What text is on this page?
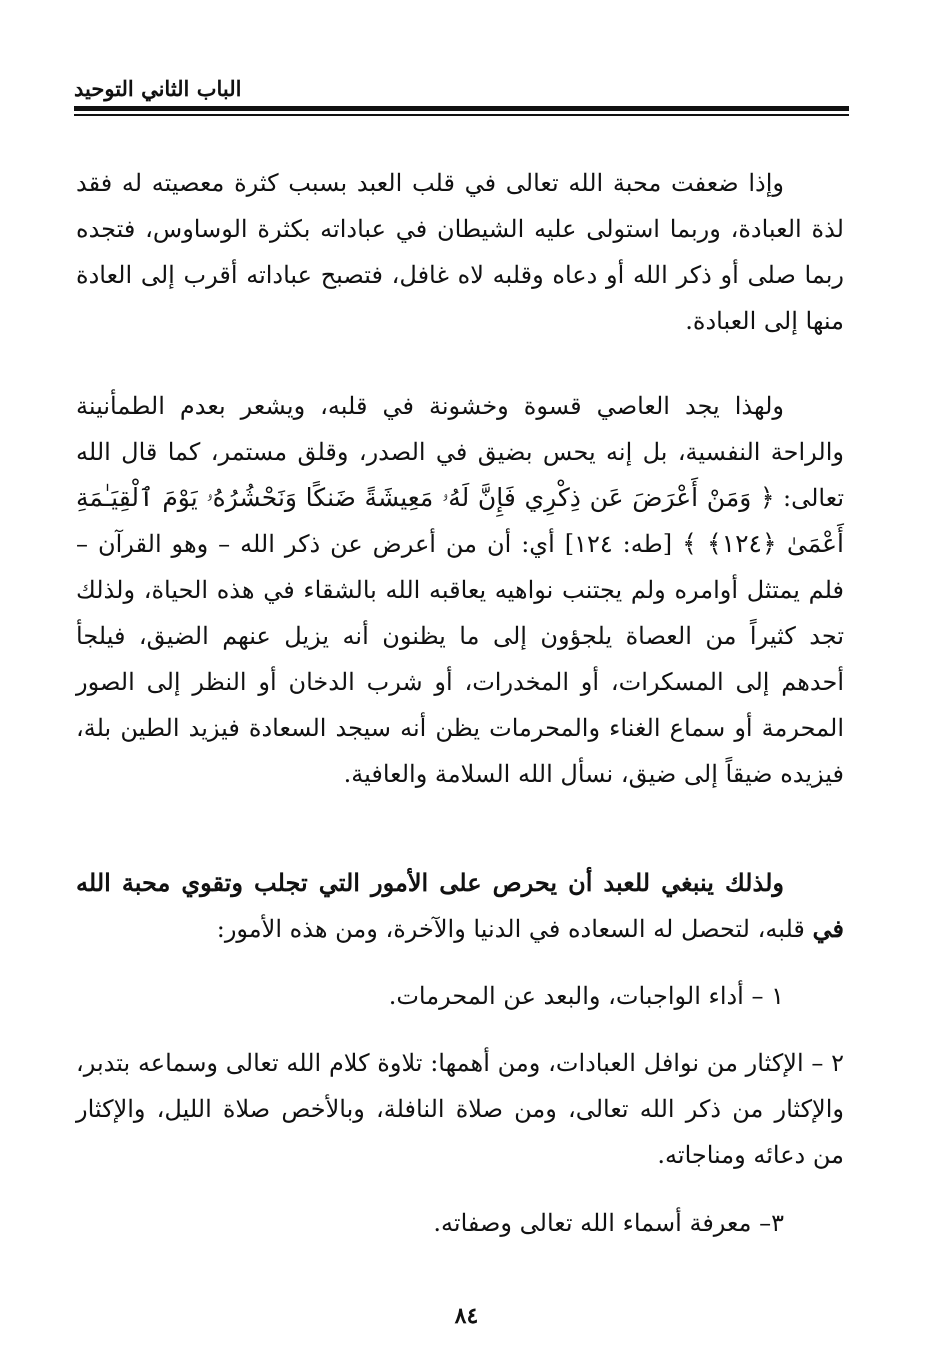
الباب الثاني التوحيد

وإذا ضعفت محبة الله تعالى في قلب العبد بسبب كثرة معصيته له فقد لذة العبادة، وربما استولى عليه الشيطان في عباداته بكثرة الوساوس، فتجده ربما صلى أو ذكر الله أو دعاه وقلبه لاه غافل، فتصبح عباداته أقرب إلى العادة منها إلى العبادة.

ولهذا يجد العاصي قسوة وخشونة في قلبه، ويشعر بعدم الطمأنينة والراحة النفسية، بل إنه يحس بضيق في الصدر، وقلق مستمر، كما قال الله تعالى: ﴿ وَمَنْ أَعْرَضَ عَن ذِكْرِي فَإِنَّ لَهُۥ مَعِيشَةً ضَنكًا وَنَحْشُرُهُۥ يَوْمَ ٱلْقِيَـٰمَةِ أَعْمَىٰ ﴿١٢٤﴾ ﴾ [طه: ١٢٤] أي: أن من أعرض عن ذكر الله – وهو القرآن – فلم يمتثل أوامره ولم يجتنب نواهيه يعاقبه الله بالشقاء في هذه الحياة، ولذلك تجد كثيراً من العصاة يلجؤون إلى ما يظنون أنه يزيل عنهم الضيق، فيلجأ أحدهم إلى المسكرات، أو المخدرات، أو شرب الدخان أو النظر إلى الصور المحرمة أو سماع الغناء والمحرمات يظن أنه سيجد السعادة فيزيد الطين بلة، فيزيده ضيقاً إلى ضيق، نسأل الله السلامة والعافية.

ولذلك ينبغي للعبد أن يحرص على الأمور التي تجلب وتقوي محبة الله في قلبه، لتحصل له السعاده في الدنيا والآخرة، ومن هذه الأمور:

١ – أداء الواجبات، والبعد عن المحرمات.

٢ – الإكثار من نوافل العبادات، ومن أهمها: تلاوة كلام الله تعالى وسماعه بتدبر، والإكثار من ذكر الله تعالى، ومن صلاة النافلة، وبالأخص صلاة الليل، والإكثار من دعائه ومناجاته.

٣– معرفة أسماء الله تعالى وصفاته.

٨٤
